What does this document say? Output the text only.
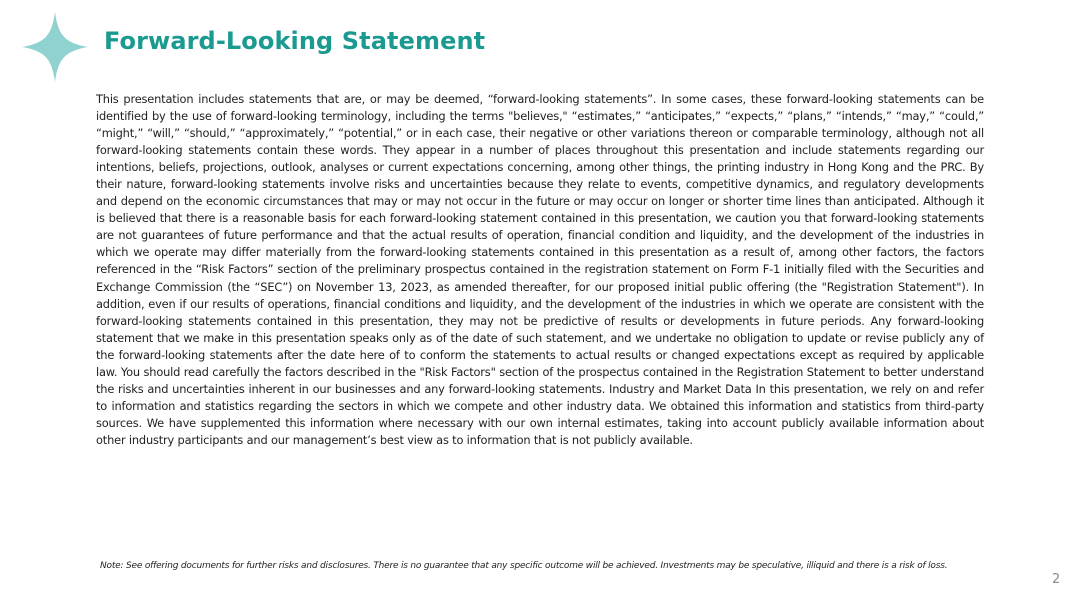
Forward-Looking Statement

This presentation includes statements that are, or may be deemed, “forward-looking statements”. In some cases, these forward-looking statements can be identified by the use of forward-looking terminology, including the terms "believes," “estimates,” “anticipates,” “expects,” “plans,” “intends,” “may,” “could,” “might,” “will,” “should,” “approximately,” “potential,” or in each case, their negative or other variations thereon or comparable terminology, although not all forward-looking statements contain these words. They appear in a number of places throughout this presentation and include statements regarding our intentions, beliefs, projections, outlook, analyses or current expectations concerning, among other things, the printing industry in Hong Kong and the PRC. By their nature, forward-looking statements involve risks and uncertainties because they relate to events, competitive dynamics, and regulatory developments and depend on the economic circumstances that may or may not occur in the future or may occur on longer or shorter time lines than anticipated. Although it is believed that there is a reasonable basis for each forward-looking statement contained in this presentation, we caution you that forward-looking statements are not guarantees of future performance and that the actual results of operation, financial condition and liquidity, and the development of the industries in which we operate may differ materially from the forward-looking statements contained in this presentation as a result of, among other factors, the factors referenced in the “Risk Factors” section of the preliminary prospectus contained in the registration statement on Form F-1 initially filed with the Securities and Exchange Commission (the “SEC”) on November 13, 2023, as amended thereafter, for our proposed initial public offering (the "Registration Statement"). In addition, even if our results of operations, financial conditions and liquidity, and the development of the industries in which we operate are consistent with the forward-looking statements contained in this presentation, they may not be predictive of results or developments in future periods. Any forward-looking statement that we make in this presentation speaks only as of the date of such statement, and we undertake no obligation to update or revise publicly any of the forward-looking statements after the date here of to conform the statements to actual results or changed expectations except as required by applicable law. You should read carefully the factors described in the "Risk Factors" section of the prospectus contained in the Registration Statement to better understand the risks and uncertainties inherent in our businesses and any forward-looking statements. Industry and Market Data In this presentation, we rely on and refer to information and statistics regarding the sectors in which we compete and other industry data. We obtained this information and statistics from third-party sources. We have supplemented this information where necessary with our own internal estimates, taking into account publicly available information about other industry participants and our management’s best view as to information that is not publicly available.

Note: See offering documents for further risks and disclosures. There is no guarantee that any specific outcome will be achieved. Investments may be speculative, illiquid and there is a risk of loss.

2
